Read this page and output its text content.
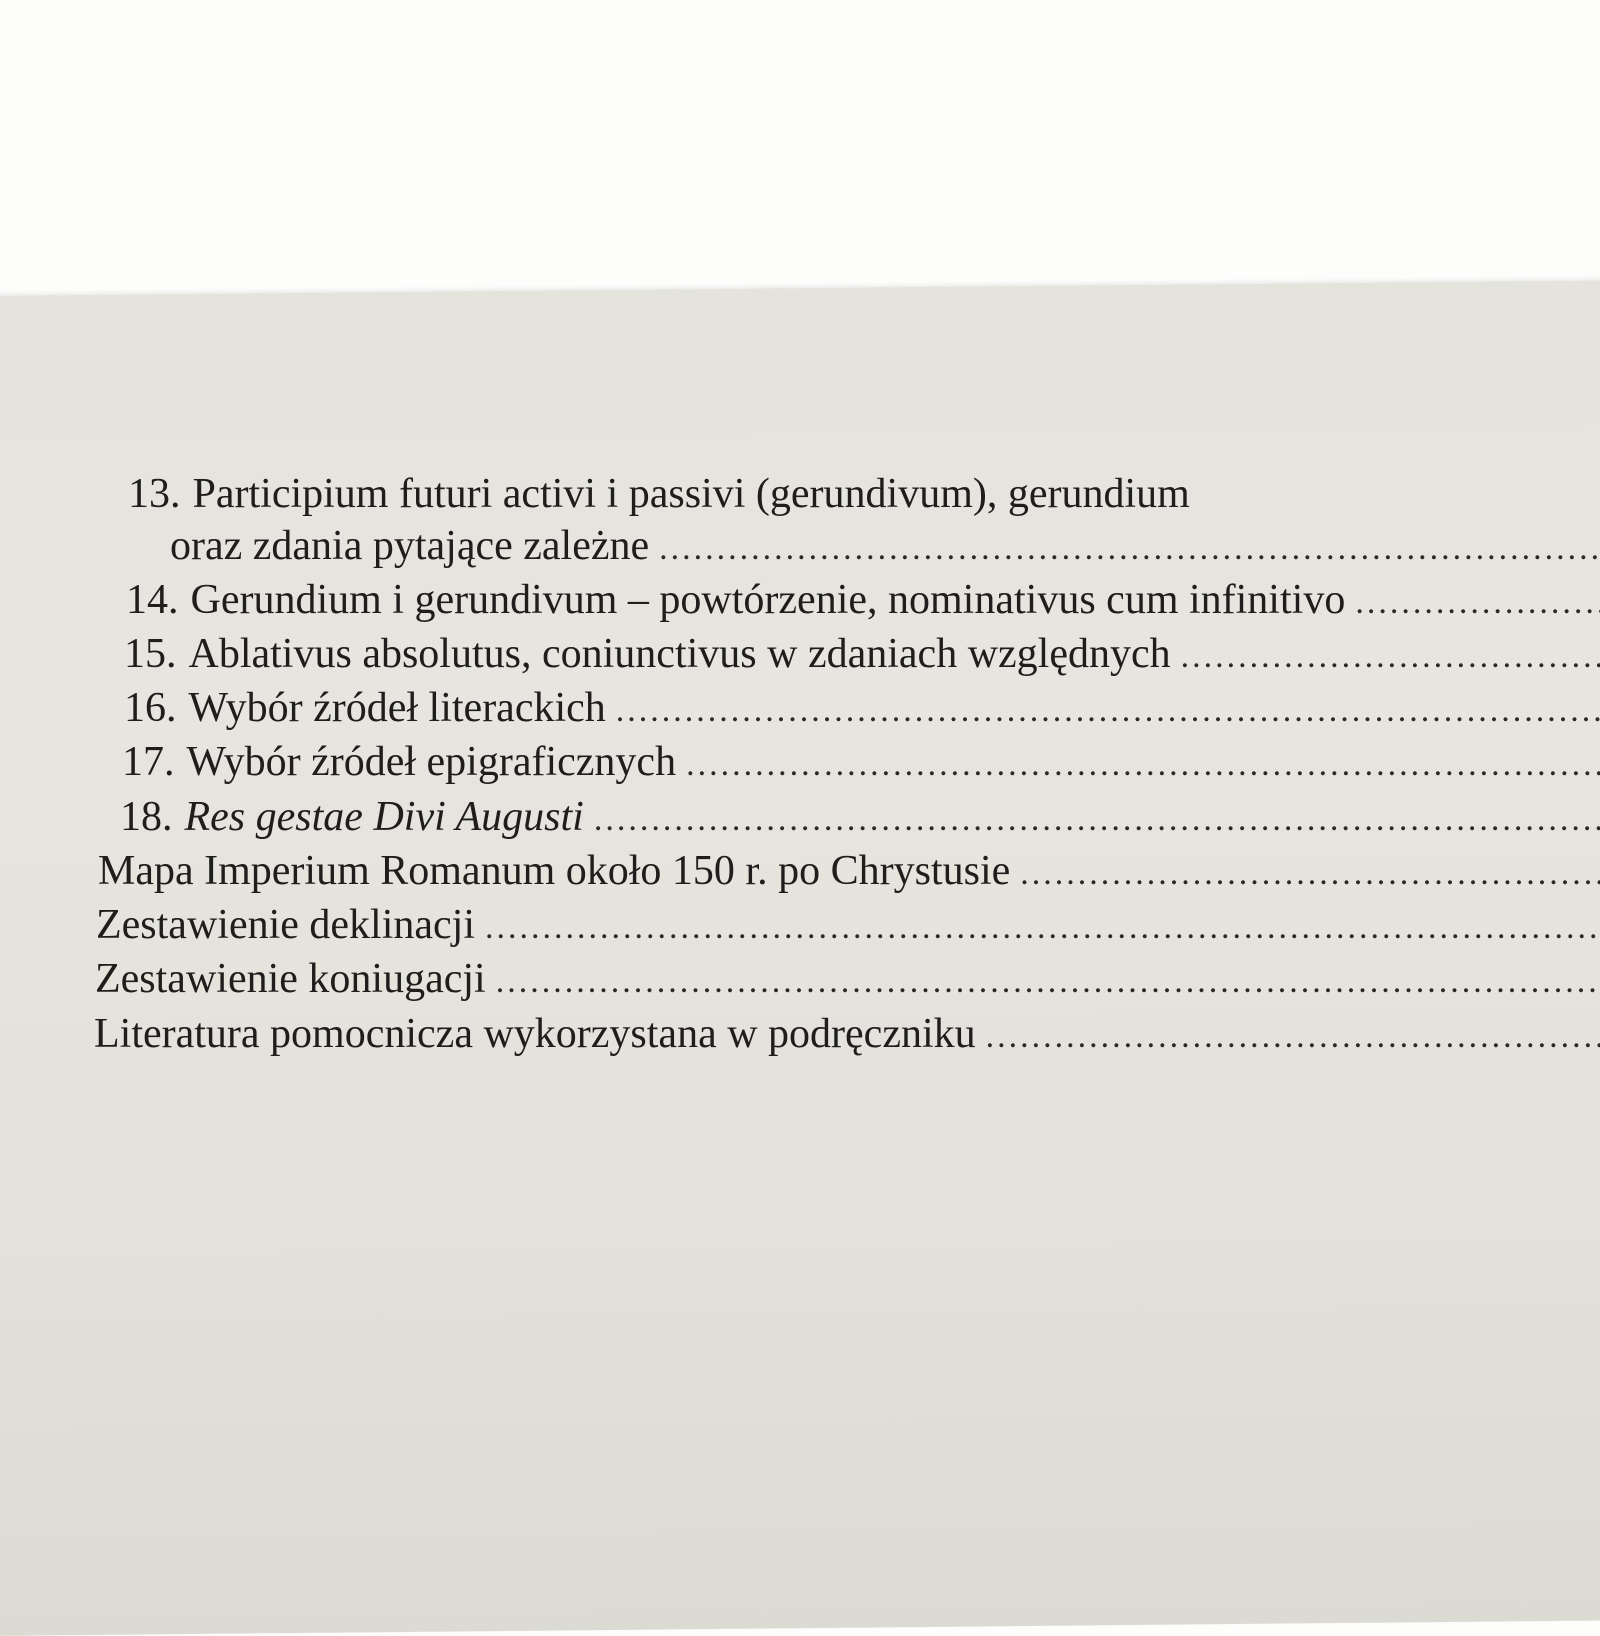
13. Participium futuri activi i passivi (gerundivum), gerundium
oraz zdania pytające zależne
.....
14. Gerundium i gerundivum – powtórzenie, nominativus cum infinitivo
.....
15. Ablativus absolutus, coniunctivus w zdaniach względnych
.....
16. Wybór źródeł literackich
.....
17. Wybór źródeł epigraficznych
.....
18. Res gestae Divi Augusti
.....
Mapa Imperium Romanum około 150 r. po Chrystusie
.....
Zestawienie deklinacji
.....
Zestawienie koniugacji
.....
Literatura pomocnicza wykorzystana w podręczniku
.....
